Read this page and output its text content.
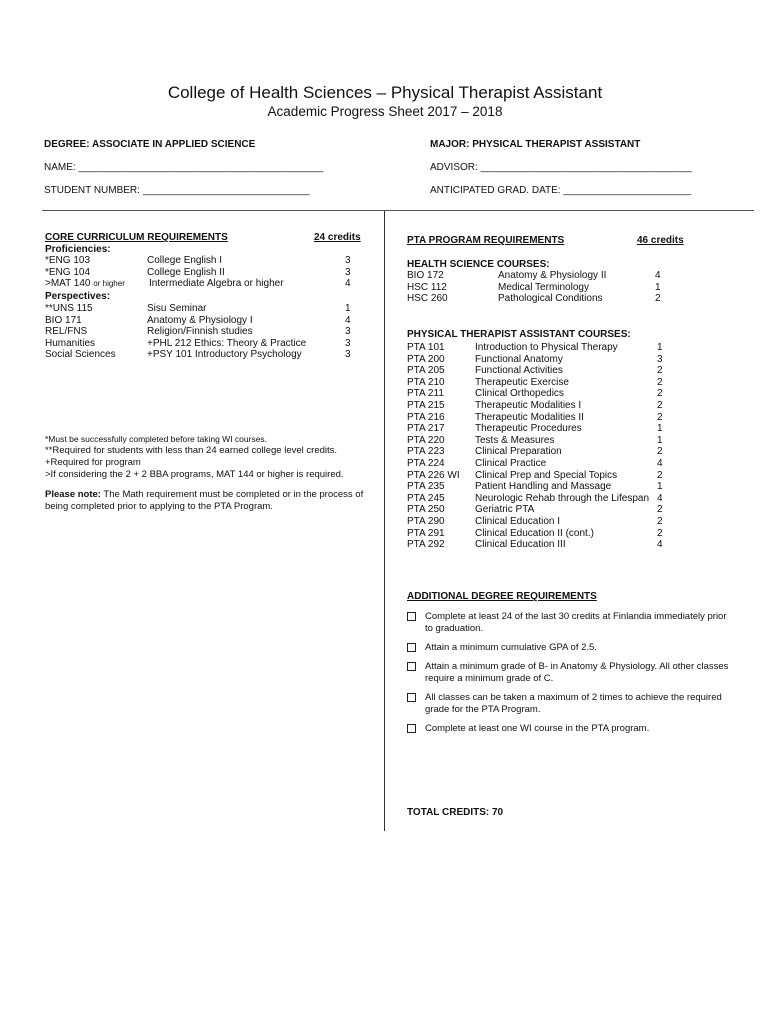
College of Health Sciences – Physical Therapist Assistant
Academic Progress Sheet 2017 – 2018
DEGREE: ASSOCIATE IN APPLIED SCIENCE	MAJOR: PHYSICAL THERAPIST ASSISTANT
NAME: ____________________________________________	ADVISOR: ______________________________________
STUDENT NUMBER: ______________________________	ANTICIPATED GRAD. DATE: _______________________
CORE CURRICULUM REQUIREMENTS	24 credits
Proficiencies:
*ENG 103	College English I	3
*ENG 104	College English II	3
>MAT 140 or higher Intermediate Algebra or higher	4
Perspectives:
**UNS 115	Sisu Seminar	1
BIO 171	Anatomy & Physiology I	4
REL/FNS	Religion/Finnish studies	3
Humanities	+PHL 212 Ethics: Theory & Practice	3
Social Sciences	+PSY 101 Introductory Psychology	3

*Must be successfully completed before taking WI courses.

**Required for students with less than 24 earned college level credits.

+Required for program

>If considering the 2 + 2 BBA programs, MAT 144 or higher is required.

Please note: The Math requirement must be completed or in the process of being completed prior to applying to the PTA Program.

PTA PROGRAM REQUIREMENTS	46 credits
HEALTH SCIENCE COURSES:
BIO 172	Anatomy & Physiology II	4
HSC 112	Medical Terminology	1
HSC 260	Pathological Conditions	2
PHYSICAL THERAPIST ASSISTANT COURSES:
PTA 101	Introduction to Physical Therapy	1
PTA 200	Functional Anatomy	3
PTA 205	Functional Activities	2
PTA 210	Therapeutic Exercise	2
PTA 211	Clinical Orthopedics	2
PTA 215	Therapeutic Modalities I	2
PTA 216	Therapeutic Modalities II	2
PTA 217	Therapeutic Procedures	1
PTA 220	Tests & Measures	1
PTA 223	Clinical Preparation	2
PTA 224	Clinical Practice	4
PTA 226 WI Clinical Prep and Special Topics	2
PTA 235	Patient Handling and Massage	1
PTA 245	Neurologic Rehab through the Lifespan 4
PTA 250	Geriatric PTA	2
PTA 290	Clinical Education I	2
PTA 291	Clinical Education II (cont.)	2
PTA 292	Clinical Education III	4
ADDITIONAL DEGREE REQUIREMENTS
Complete at least 24 of the last 30 credits at Finlandia immediately prior to graduation.
Attain a minimum cumulative GPA of 2.5.
Attain a minimum grade of B- in Anatomy & Physiology. All other classes require a minimum grade of C.
All classes can be taken a maximum of 2 times to achieve the required grade for the PTA Program.
Complete at least one WI course in the PTA program.
TOTAL CREDITS: 70
